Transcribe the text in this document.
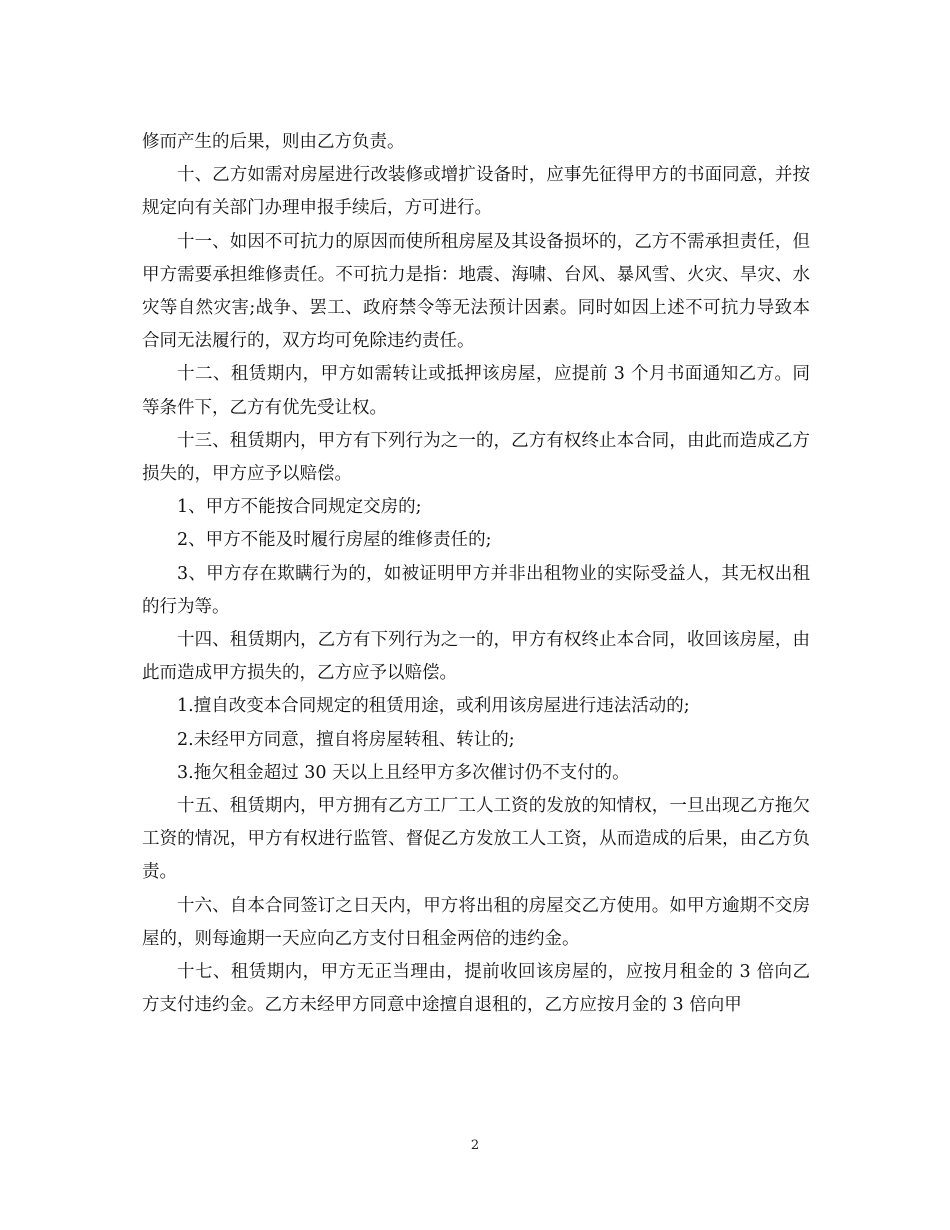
修而产生的后果，则由乙方负责。

十、乙方如需对房屋进行改装修或增扩设备时，应事先征得甲方的书面同意，并按规定向有关部门办理申报手续后，方可进行。

十一、如因不可抗力的原因而使所租房屋及其设备损坏的，乙方不需承担责任，但甲方需要承担维修责任。不可抗力是指：地震、海啸、台风、暴风雪、火灾、旱灾、水灾等自然灾害;战争、罢工、政府禁令等无法预计因素。同时如因上述不可抗力导致本合同无法履行的，双方均可免除违约责任。

十二、租赁期内，甲方如需转让或抵押该房屋，应提前 3 个月书面通知乙方。同等条件下，乙方有优先受让权。

十三、租赁期内，甲方有下列行为之一的，乙方有权终止本合同，由此而造成乙方损失的，甲方应予以赔偿。

1、甲方不能按合同规定交房的;

2、甲方不能及时履行房屋的维修责任的;

3、甲方存在欺瞒行为的，如被证明甲方并非出租物业的实际受益人，其无权出租的行为等。

十四、租赁期内，乙方有下列行为之一的，甲方有权终止本合同，收回该房屋，由此而造成甲方损失的，乙方应予以赔偿。

1.擅自改变本合同规定的租赁用途，或利用该房屋进行违法活动的;

2.未经甲方同意，擅自将房屋转租、转让的;

3.拖欠租金超过 30 天以上且经甲方多次催讨仍不支付的。

十五、租赁期内，甲方拥有乙方工厂工人工资的发放的知情权，一旦出现乙方拖欠工资的情况，甲方有权进行监管、督促乙方发放工人工资，从而造成的后果，由乙方负责。

十六、自本合同签订之日天内，甲方将出租的房屋交乙方使用。如甲方逾期不交房屋的，则每逾期一天应向乙方支付日租金两倍的违约金。

十七、租赁期内，甲方无正当理由，提前收回该房屋的，应按月租金的 3 倍向乙方支付违约金。乙方未经甲方同意中途擅自退租的，乙方应按月金的 3 倍向甲

2
